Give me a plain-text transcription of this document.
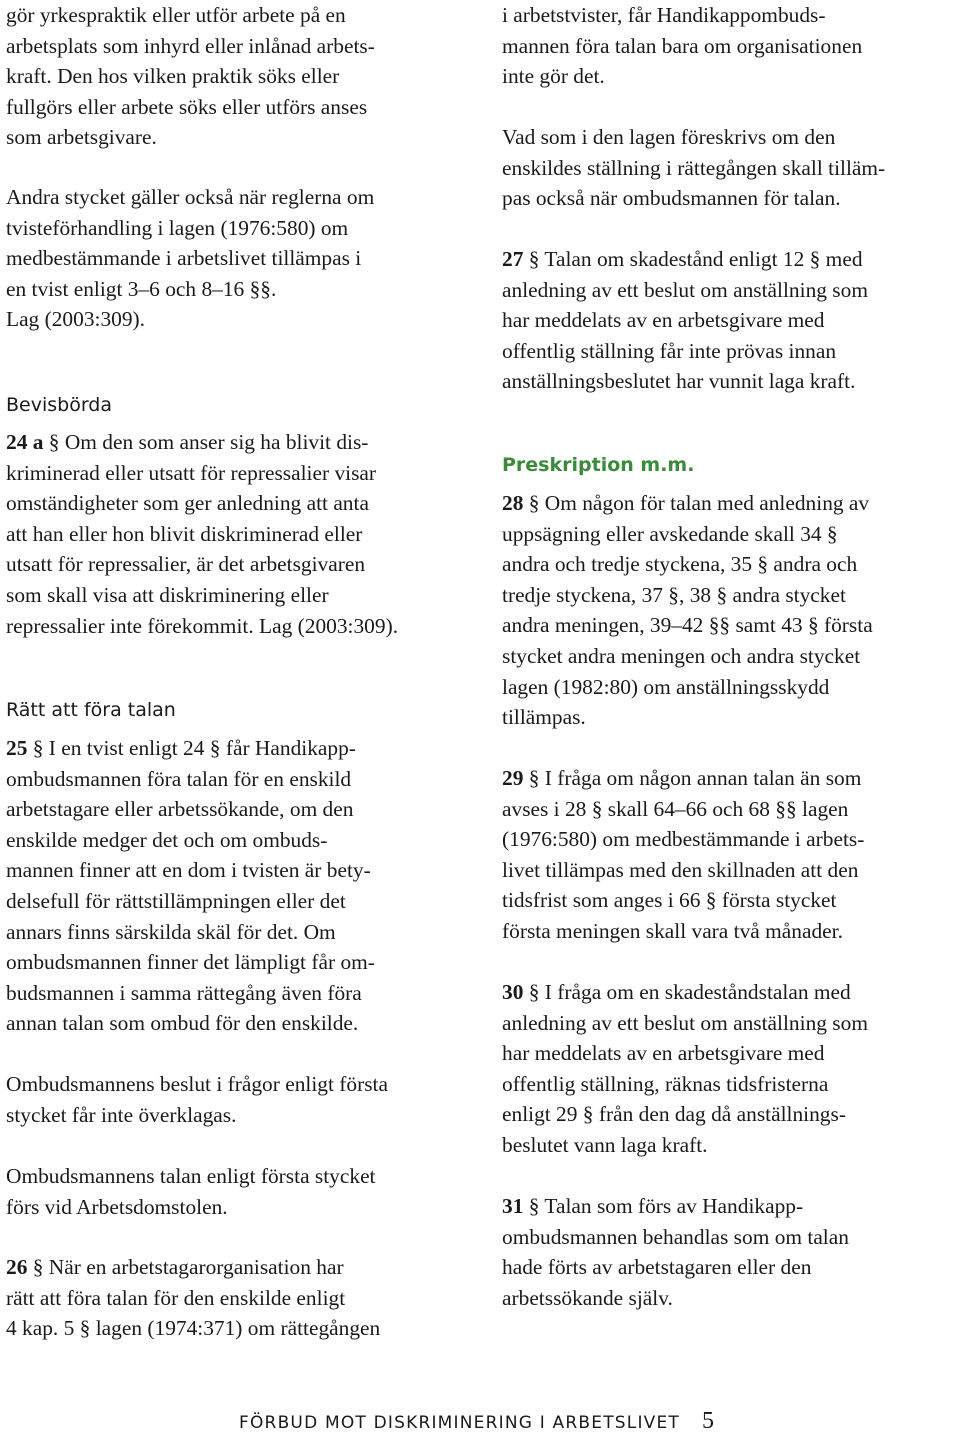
gör yrkespraktik eller utför arbete på en
arbetsplats som inhyrd eller inlånad arbets-
kraft. Den hos vilken praktik söks eller
fullgörs eller arbete söks eller utförs anses
som arbetsgivare.
Andra stycket gäller också när reglerna om
tvisteförhandling i lagen (1976:580) om
medbestämmande i arbetslivet tillämpas i
en tvist enligt 3–6 och 8–16 §§.
Lag (2003:309).
Bevisbörda
24 a § Om den som anser sig ha blivit dis-
kriminerad eller utsatt för repressalier visar
omständigheter som ger anledning att anta
att han eller hon blivit diskriminerad eller
utsatt för repressalier, är det arbetsgivaren
som skall visa att diskriminering eller
repressalier inte förekommit. Lag (2003:309).
Rätt att föra talan
25 § I en tvist enligt 24 § får Handikapp-
ombudsmannen föra talan för en enskild
arbetstagare eller arbetssökande, om den
enskilde medger det och om ombuds-
mannen finner att en dom i tvisten är bety-
delsefull för rättstillämpningen eller det
annars finns särskilda skäl för det. Om
ombudsmannen finner det lämpligt får om-
budsmannen i samma rättegång även föra
annan talan som ombud för den enskilde.
Ombudsmannens beslut i frågor enligt första
stycket får inte överklagas.
Ombudsmannens talan enligt första stycket
förs vid Arbetsdomstolen.
26 § När en arbetstagarorganisation har
rätt att föra talan för den enskilde enligt
4 kap. 5 § lagen (1974:371) om rättegången
i arbetstvister, får Handikappombuds-
mannen föra talan bara om organisationen
inte gör det.
Vad som i den lagen föreskrivs om den
enskildes ställning i rättegången skall tilläm-
pas också när ombudsmannen för talan.
27 § Talan om skadestånd enligt 12 § med
anledning av ett beslut om anställning som
har meddelats av en arbetsgivare med
offentlig ställning får inte prövas innan
anställningsbeslutet har vunnit laga kraft.
Preskription m.m.
28 § Om någon för talan med anledning av
uppsägning eller avskedande skall 34 §
andra och tredje styckena, 35 § andra och
tredje styckena, 37 §, 38 § andra stycket
andra meningen, 39–42 §§ samt 43 § första
stycket andra meningen och andra stycket
lagen (1982:80) om anställningsskydd
tillämpas.
29 § I fråga om någon annan talan än som
avses i 28 § skall 64–66 och 68 §§ lagen
(1976:580) om medbestämmande i arbets-
livet tillämpas med den skillnaden att den
tidsfrist som anges i 66 § första stycket
första meningen skall vara två månader.
30 § I fråga om en skadeståndstalan med
anledning av ett beslut om anställning som
har meddelats av en arbetsgivare med
offentlig ställning, räknas tidsfristerna
enligt 29 § från den dag då anställnings-
beslutet vann laga kraft.
31 § Talan som förs av Handikapp-
ombudsmannen behandlas som om talan
hade förts av arbetstagaren eller den
arbetssökande själv.
FÖRBUD MOT DISKRIMINERING I ARBETSLIVET 5
